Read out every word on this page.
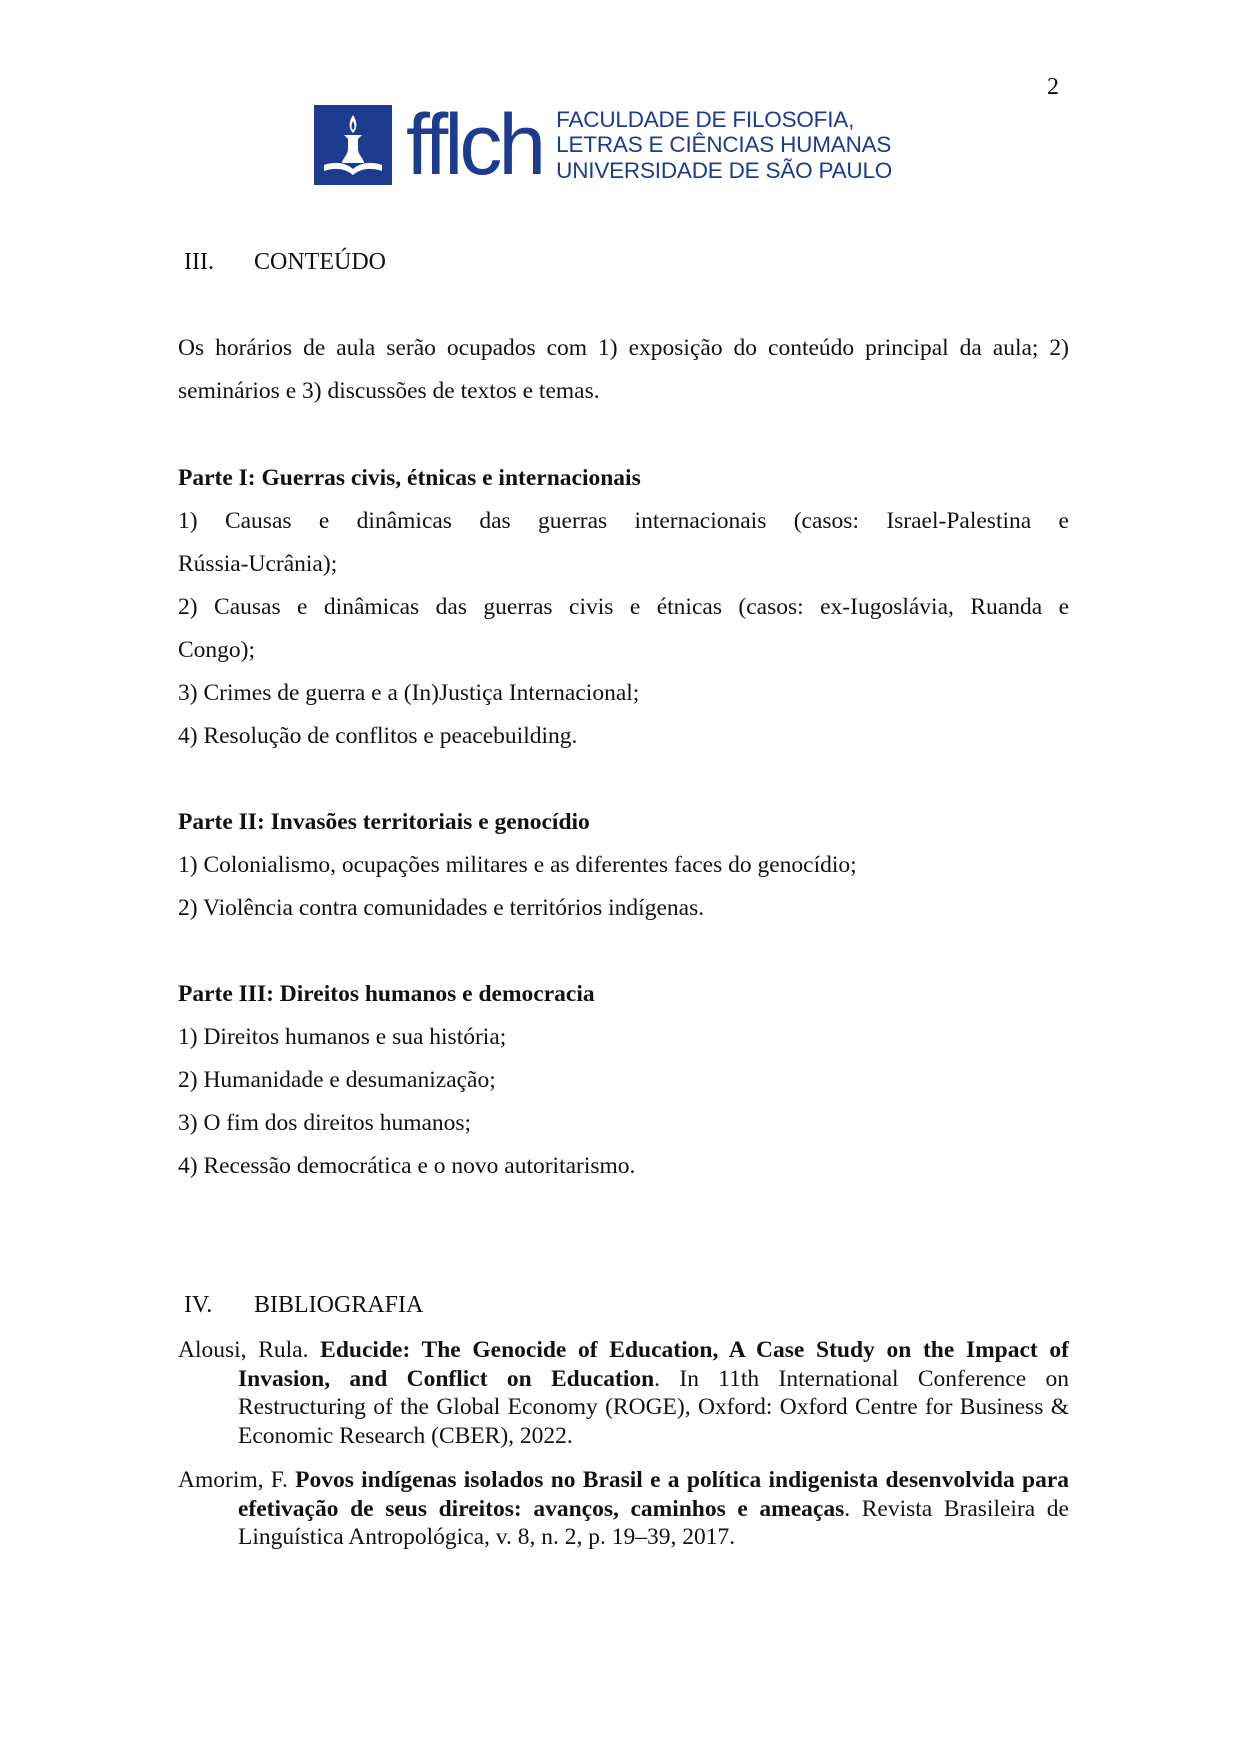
2
fflch FACULDADE DE FILOSOFIA,
LETRAS E CIÊNCIAS HUMANAS
UNIVERSIDADE DE SÃO PAULO
III. CONTEÚDO

Os horários de aula serão ocupados com 1) exposição do conteúdo principal da aula; 2)

seminários e 3) discussões de textos e temas.

Parte I: Guerras civis, étnicas e internacionais

1) Causas e dinâmicas das guerras internacionais (casos: Israel-Palestina e

Rússia-Ucrânia);

2) Causas e dinâmicas das guerras civis e étnicas (casos: ex-Iugoslávia, Ruanda e

Congo);

3) Crimes de guerra e a (In)Justiça Internacional;

4) Resolução de conflitos e peacebuilding.

Parte II: Invasões territoriais e genocídio

1) Colonialismo, ocupações militares e as diferentes faces do genocídio;

2) Violência contra comunidades e territórios indígenas.

Parte III: Direitos humanos e democracia

1) Direitos humanos e sua história;

2) Humanidade e desumanização;

3) O fim dos direitos humanos;

4) Recessão democrática e o novo autoritarismo.

IV. BIBLIOGRAFIA

Alousi, Rula. Educide: The Genocide of Education, A Case Study on the Impact of Invasion, and Conflict on Education. In 11th International Conference on Restructuring of the Global Economy (ROGE), Oxford: Oxford Centre for Business & Economic Research (CBER), 2022.

Amorim, F. Povos indígenas isolados no Brasil e a política indigenista desenvolvida para efetivação de seus direitos: avanços, caminhos e ameaças. Revista Brasileira de Linguística Antropológica, v. 8, n. 2, p. 19–39, 2017.
